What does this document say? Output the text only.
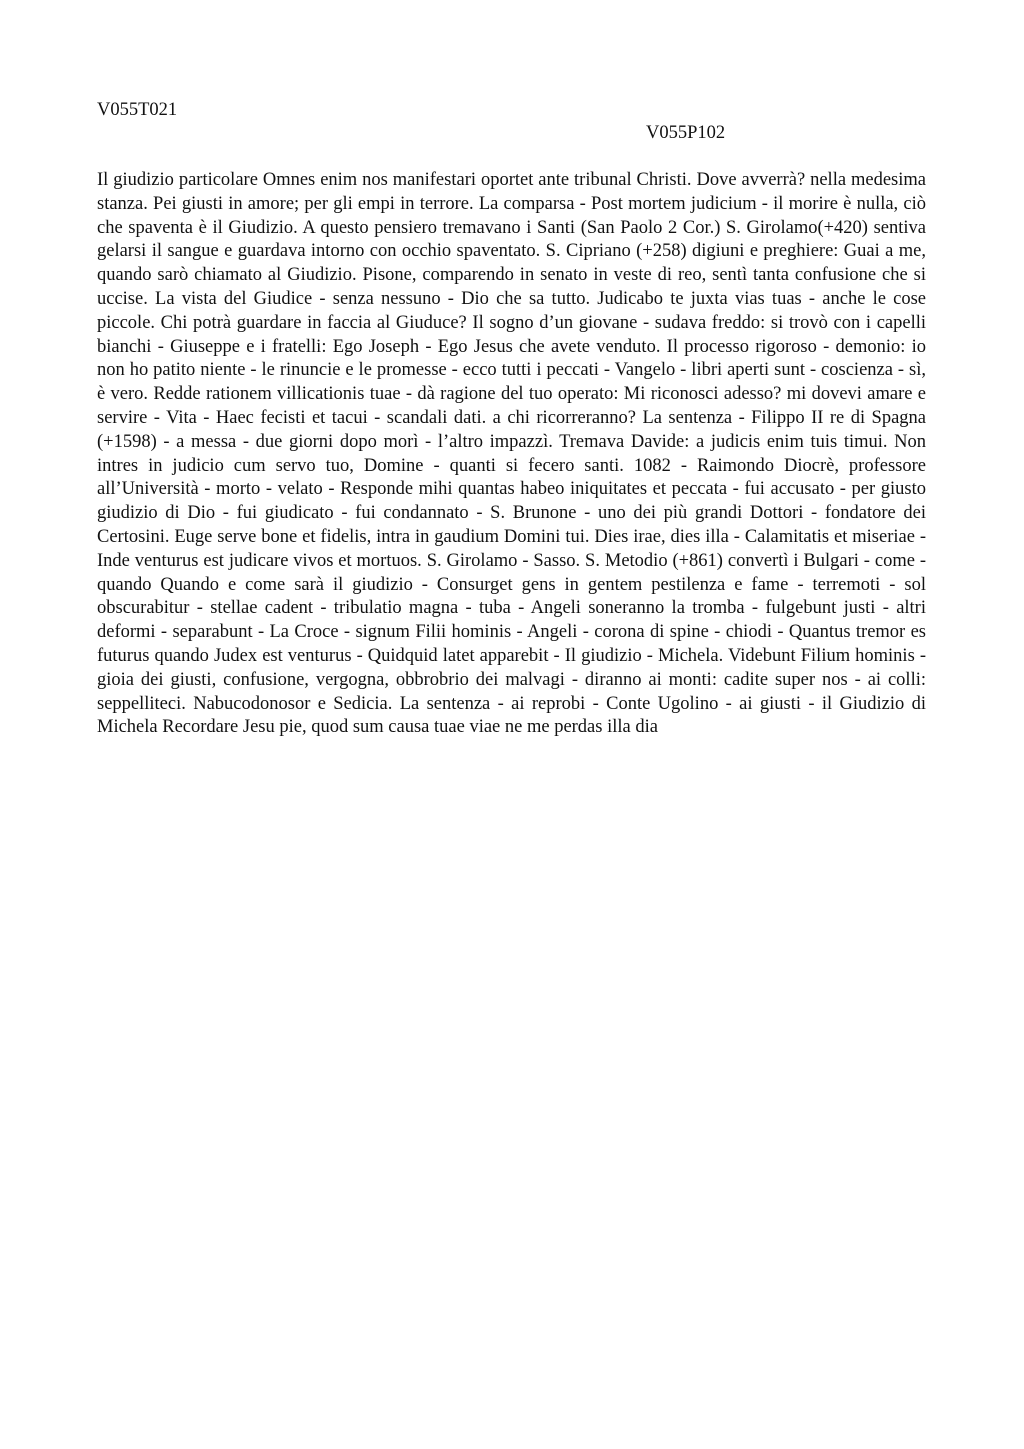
V055T021

V055P102

Il giudizio particolare Omnes enim nos manifestari oportet ante tribunal Christi. Dove avverrà? nella medesima stanza. Pei giusti in amore; per gli empi in terrore. La comparsa - Post mortem judicium - il morire è nulla, ciò che spaventa è il Giudizio. A questo pensiero tremavano i Santi (San Paolo 2 Cor.) S. Girolamo(+420) sentiva gelarsi il sangue e guardava intorno con occhio spaventato. S. Cipriano (+258) digiuni e preghiere: Guai a me, quando sarò chiamato al Giudizio. Pisone, comparendo in senato in veste di reo, sentì tanta confusione che si uccise. La vista del Giudice - senza nessuno - Dio che sa tutto. Judicabo te juxta vias tuas - anche le cose piccole. Chi potrà guardare in faccia al Giuduce? Il sogno d’un giovane - sudava freddo: si trovò con i capelli bianchi - Giuseppe e i fratelli: Ego Joseph - Ego Jesus che avete venduto. Il processo rigoroso - demonio: io non ho patito niente - le rinuncie e le promesse - ecco tutti i peccati - Vangelo - libri aperti sunt - coscienza - sì, è vero. Redde rationem villicationis tuae - dà ragione del tuo operato: Mi riconosci adesso? mi dovevi amare e servire - Vita - Haec fecisti et tacui - scandali dati. a chi ricorreranno? La sentenza - Filippo II re di Spagna (+1598) - a messa - due giorni dopo morì - l’altro impazzì. Tremava Davide: a judicis enim tuis timui. Non intres in judicio cum servo tuo, Domine - quanti si fecero santi. 1082 - Raimondo Diocrè, professore all’Università - morto - velato - Responde mihi quantas habeo iniquitates et peccata - fui accusato - per giusto giudizio di Dio - fui giudicato - fui condannato - S. Brunone - uno dei più grandi Dottori - fondatore dei Certosini. Euge serve bone et fidelis, intra in gaudium Domini tui. Dies irae, dies illa - Calamitatis et miseriae - Inde venturus est judicare vivos et mortuos. S. Girolamo - Sasso. S. Metodio (+861) convertì i Bulgari - come - quando Quando e come sarà il giudizio - Consurget gens in gentem pestilenza e fame - terremoti - sol obscurabitur - stellae cadent - tribulatio magna - tuba - Angeli soneranno la tromba - fulgebunt justi - altri deformi - separabunt - La Croce - signum Filii hominis - Angeli - corona di spine - chiodi - Quantus tremor es futurus quando Judex est venturus - Quidquid latet apparebit - Il giudizio - Michela. Videbunt Filium hominis - gioia dei giusti, confusione, vergogna, obbrobrio dei malvagi - diranno ai monti: cadite super nos - ai colli: seppelliteci. Nabucodonosor e Sedicia. La sentenza - ai reprobi - Conte Ugolino - ai giusti - il Giudizio di Michela Recordare Jesu pie, quod sum causa tuae viae ne me perdas illa dia
